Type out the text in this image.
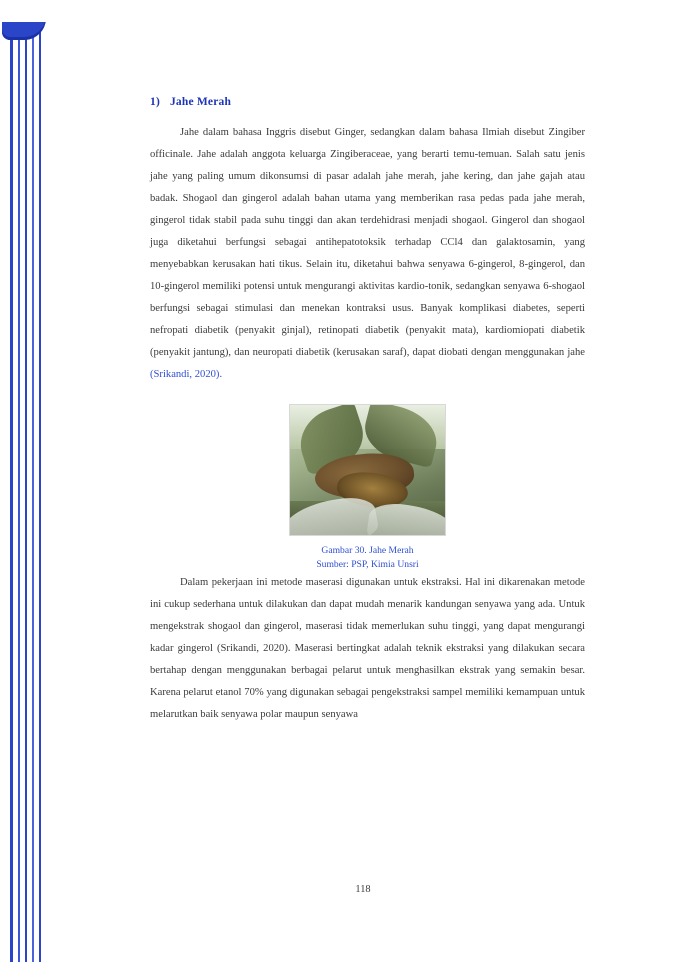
1) Jahe Merah

Jahe dalam bahasa Inggris disebut Ginger, sedangkan dalam bahasa Ilmiah disebut Zingiber officinale. Jahe adalah anggota keluarga Zingiberaceae, yang berarti temu-temuan. Salah satu jenis jahe yang paling umum dikonsumsi di pasar adalah jahe merah, jahe kering, dan jahe gajah atau badak. Shogaol dan gingerol adalah bahan utama yang memberikan rasa pedas pada jahe merah, gingerol tidak stabil pada suhu tinggi dan akan terdehidrasi menjadi shogaol. Gingerol dan shogaol juga diketahui berfungsi sebagai antihepatotoksik terhadap CCl4 dan galaktosamin, yang menyebabkan kerusakan hati tikus. Selain itu, diketahui bahwa senyawa 6-gingerol, 8-gingerol, dan 10-gingerol memiliki potensi untuk mengurangi aktivitas kardio-tonik, sedangkan senyawa 6-shogaol berfungsi sebagai stimulasi dan menekan kontraksi usus. Banyak komplikasi diabetes, seperti nefropati diabetik (penyakit ginjal), retinopati diabetik (penyakit mata), kardiomiopati diabetik (penyakit jantung), dan neuropati diabetik (kerusakan saraf), dapat diobati dengan menggunakan jahe (Srikandi, 2020).

Gambar 30. Jahe Merah
Sumber: PSP, Kimia Unsri

Dalam pekerjaan ini metode maserasi digunakan untuk ekstraksi. Hal ini dikarenakan metode ini cukup sederhana untuk dilakukan dan dapat mudah menarik kandungan senyawa yang ada. Untuk mengekstrak shogaol dan gingerol, maserasi tidak memerlukan suhu tinggi, yang dapat mengurangi kadar gingerol (Srikandi, 2020). Maserasi bertingkat adalah teknik ekstraksi yang dilakukan secara bertahap dengan menggunakan berbagai pelarut untuk menghasilkan ekstrak yang semakin besar. Karena pelarut etanol 70% yang digunakan sebagai pengekstraksi sampel memiliki kemampuan untuk melarutkan baik senyawa polar maupun senyawa

118
